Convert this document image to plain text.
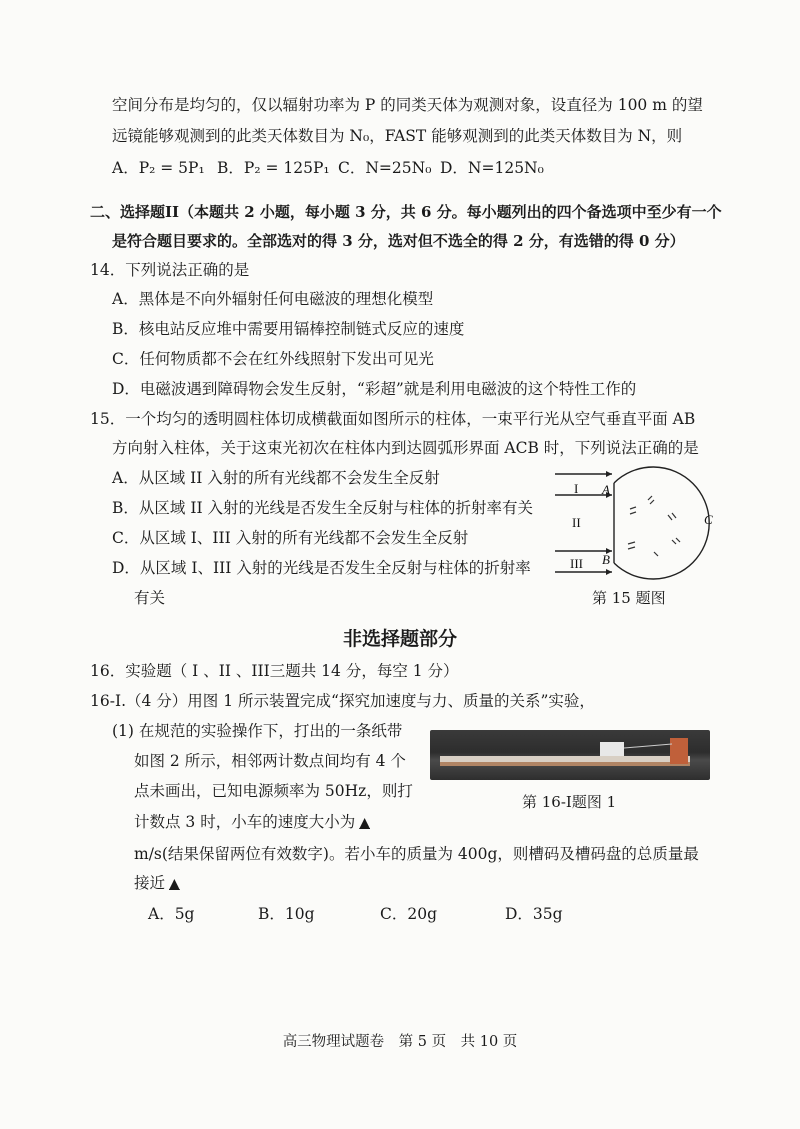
空间分布是均匀的，仅以辐射功率为 P 的同类天体为观测对象，设直径为 100 m 的望
远镜能够观测到的此类天体数目为 N₀，FAST 能够观测到的此类天体数目为 N，则
A．P₂ = 5P₁ B．P₂ = 125P₁ C．N=25N₀ D．N=125N₀
二、选择题II（本题共 2 小题，每小题 3 分，共 6 分。每小题列出的四个备选项中至少有一个
是符合题目要求的。全部选对的得 3 分，选对但不选全的得 2 分，有选错的得 0 分）
14．下列说法正确的是
A．黑体是不向外辐射任何电磁波的理想化模型
B．核电站反应堆中需要用镉棒控制链式反应的速度
C．任何物质都不会在红外线照射下发出可见光
D．电磁波遇到障碍物会发生反射，“彩超”就是利用电磁波的这个特性工作的
15．一个均匀的透明圆柱体切成横截面如图所示的柱体，一束平行光从空气垂直平面 AB
方向射入柱体，关于这束光初次在柱体内到达圆弧形界面 ACB 时，下列说法正确的是
A．从区域 II 入射的所有光线都不会发生全反射
B．从区域 II 入射的光线是否发生全反射与柱体的折射率有关
C．从区域 I、III 入射的所有光线都不会发生全反射
D．从区域 I、III 入射的光线是否发生全反射与柱体的折射率
有关
I
II
III
A
B
C
第 15 题图
非选择题部分
16．实验题（ I 、II 、III三题共 14 分，每空 1 分）
16-I.（4 分）用图 1 所示装置完成“探究加速度与力、质量的关系”实验，
(1) 在规范的实验操作下，打出的一条纸带
如图 2 所示，相邻两计数点间均有 4 个
点未画出，已知电源频率为 50Hz，则打
计数点 3 时，小车的速度大小为 ▲
m/s(结果保留两位有效数字)。若小车的质量为 400g，则槽码及槽码盘的总质量最
接近 ▲
第 16-I题图 1
A．5g	B．10g	C．20g	D．35g
高三物理试题卷　第 5 页　共 10 页
